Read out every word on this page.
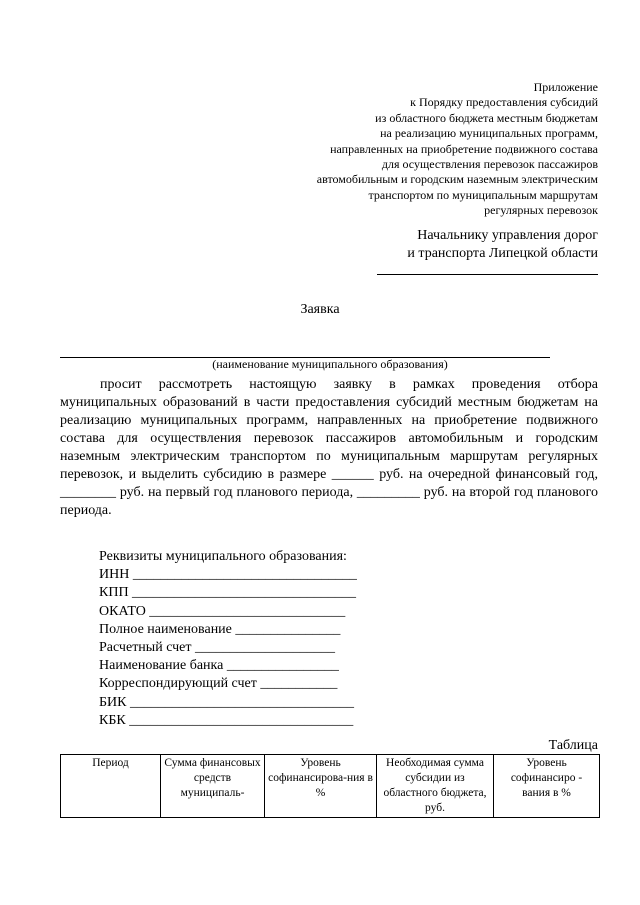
Приложение
к Порядку предоставления субсидий
из областного бюджета местным бюджетам
на реализацию муниципальных программ,
направленных на приобретение подвижного состава
для осуществления перевозок пассажиров
автомобильным и городским наземным электрическим
транспортом по муниципальным маршрутам
регулярных перевозок
Начальнику управления дорог
и транспорта Липецкой области
Заявка
(наименование муниципального образования)

просит рассмотреть настоящую заявку в рамках проведения отбора муниципальных образований в части предоставления субсидий местным бюджетам на реализацию муниципальных программ, направленных на приобретение подвижного состава для осуществления перевозок пассажиров автомобильным и городским наземным электрическим транспортом по муниципальным маршрутам регулярных перевозок, и выделить субсидию в размере ______ руб. на очередной финансовый год, ________ руб. на первый год планового периода, _________ руб. на второй год планового периода.

Реквизиты муниципального образования:
ИНН ________________________________
КПП ________________________________
ОКАТО ____________________________
Полное наименование _______________
Расчетный счет ____________________
Наименование банка ________________
Корреспондирующий счет ___________
БИК ________________________________
КБК ________________________________
Таблица
Период	Сумма финансовых средств муниципаль-	Уровень софинансирова-ния в %	Необходимая сумма субсидии из областного бюджета, руб.	Уровень софинансиро - вания в %
